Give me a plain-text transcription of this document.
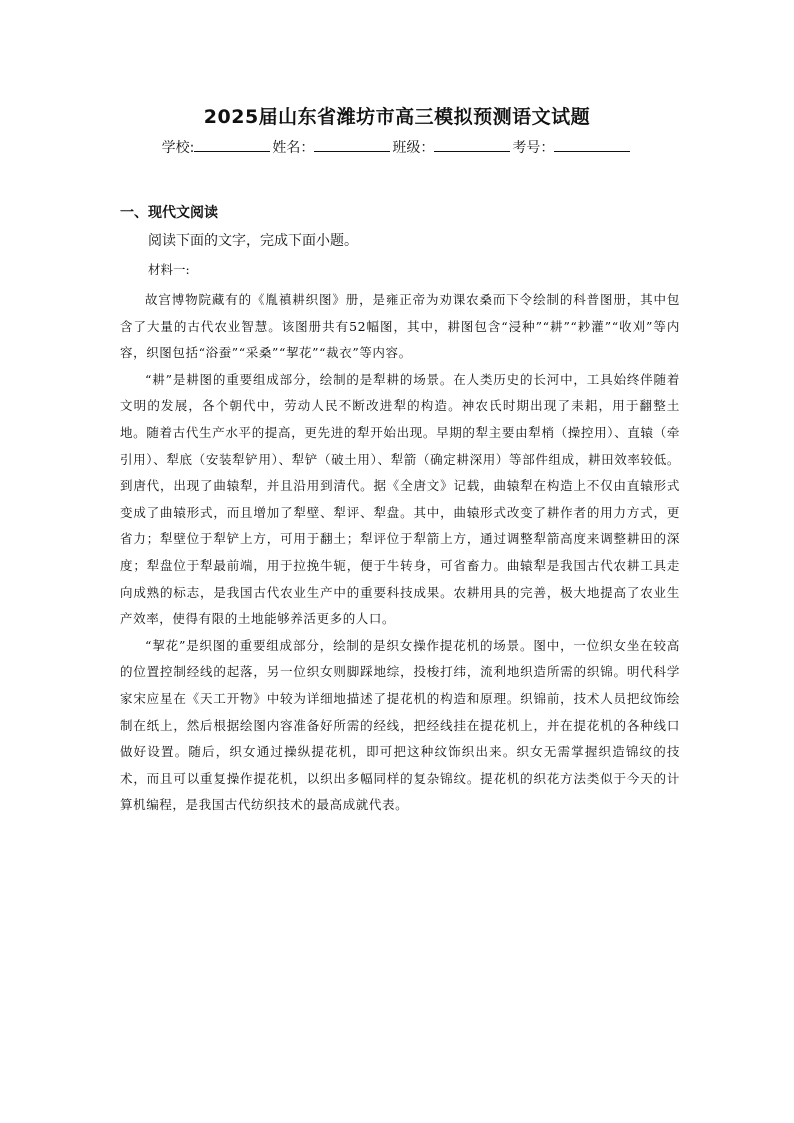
2025届山东省潍坊市高三模拟预测语文试题
学校:	姓名：	班级：	考号：
一、现代文阅读
阅读下面的文字，完成下面小题。
材料一:

故宫博物院藏有的《胤禛耕织图》册，是雍正帝为劝课农桑而下令绘制的科普图册，其中包含了大量的古代农业智慧。该图册共有52幅图，其中，耕图包含“浸种”“耕”“耖灌”“收刈”等内容，织图包括“浴蚕”“采桑”“挈花”“裁衣”等内容。

“耕”是耕图的重要组成部分，绘制的是犁耕的场景。在人类历史的长河中，工具始终伴随着文明的发展，各个朝代中，劳动人民不断改进犁的构造。神农氏时期出现了耒耜，用于翻整土地。随着古代生产水平的提高，更先进的犁开始出现。早期的犁主要由犁梢（操控用）、直辕（牵引用）、犁底（安装犁铲用）、犁铲（破土用）、犁箭（确定耕深用）等部件组成，耕田效率较低。到唐代，出现了曲辕犁，并且沿用到清代。据《全唐文》记载，曲辕犁在构造上不仅由直辕形式变成了曲辕形式，而且增加了犁壁、犁评、犁盘。其中，曲辕形式改变了耕作者的用力方式，更省力；犁壁位于犁铲上方，可用于翻土；犁评位于犁箭上方，通过调整犁箭高度来调整耕田的深度；犁盘位于犁最前端，用于拉挽牛轭，便于牛转身，可省畜力。曲辕犁是我国古代农耕工具走向成熟的标志，是我国古代农业生产中的重要科技成果。农耕用具的完善，极大地提高了农业生产效率，使得有限的土地能够养活更多的人口。

“挈花”是织图的重要组成部分，绘制的是织女操作提花机的场景。图中，一位织女坐在较高的位置控制经线的起落，另一位织女则脚踩地综，投梭打纬，流利地织造所需的织锦。明代科学家宋应星在《天工开物》中较为详细地描述了提花机的构造和原理。织锦前，技术人员把纹饰绘制在纸上，然后根据绘图内容准备好所需的经线，把经线挂在提花机上，并在提花机的各种线口做好设置。随后，织女通过操纵提花机，即可把这种纹饰织出来。织女无需掌握织造锦纹的技术，而且可以重复操作提花机，以织出多幅同样的复杂锦纹。提花机的织花方法类似于今天的计算机编程，是我国古代纺织技术的最高成就代表。
